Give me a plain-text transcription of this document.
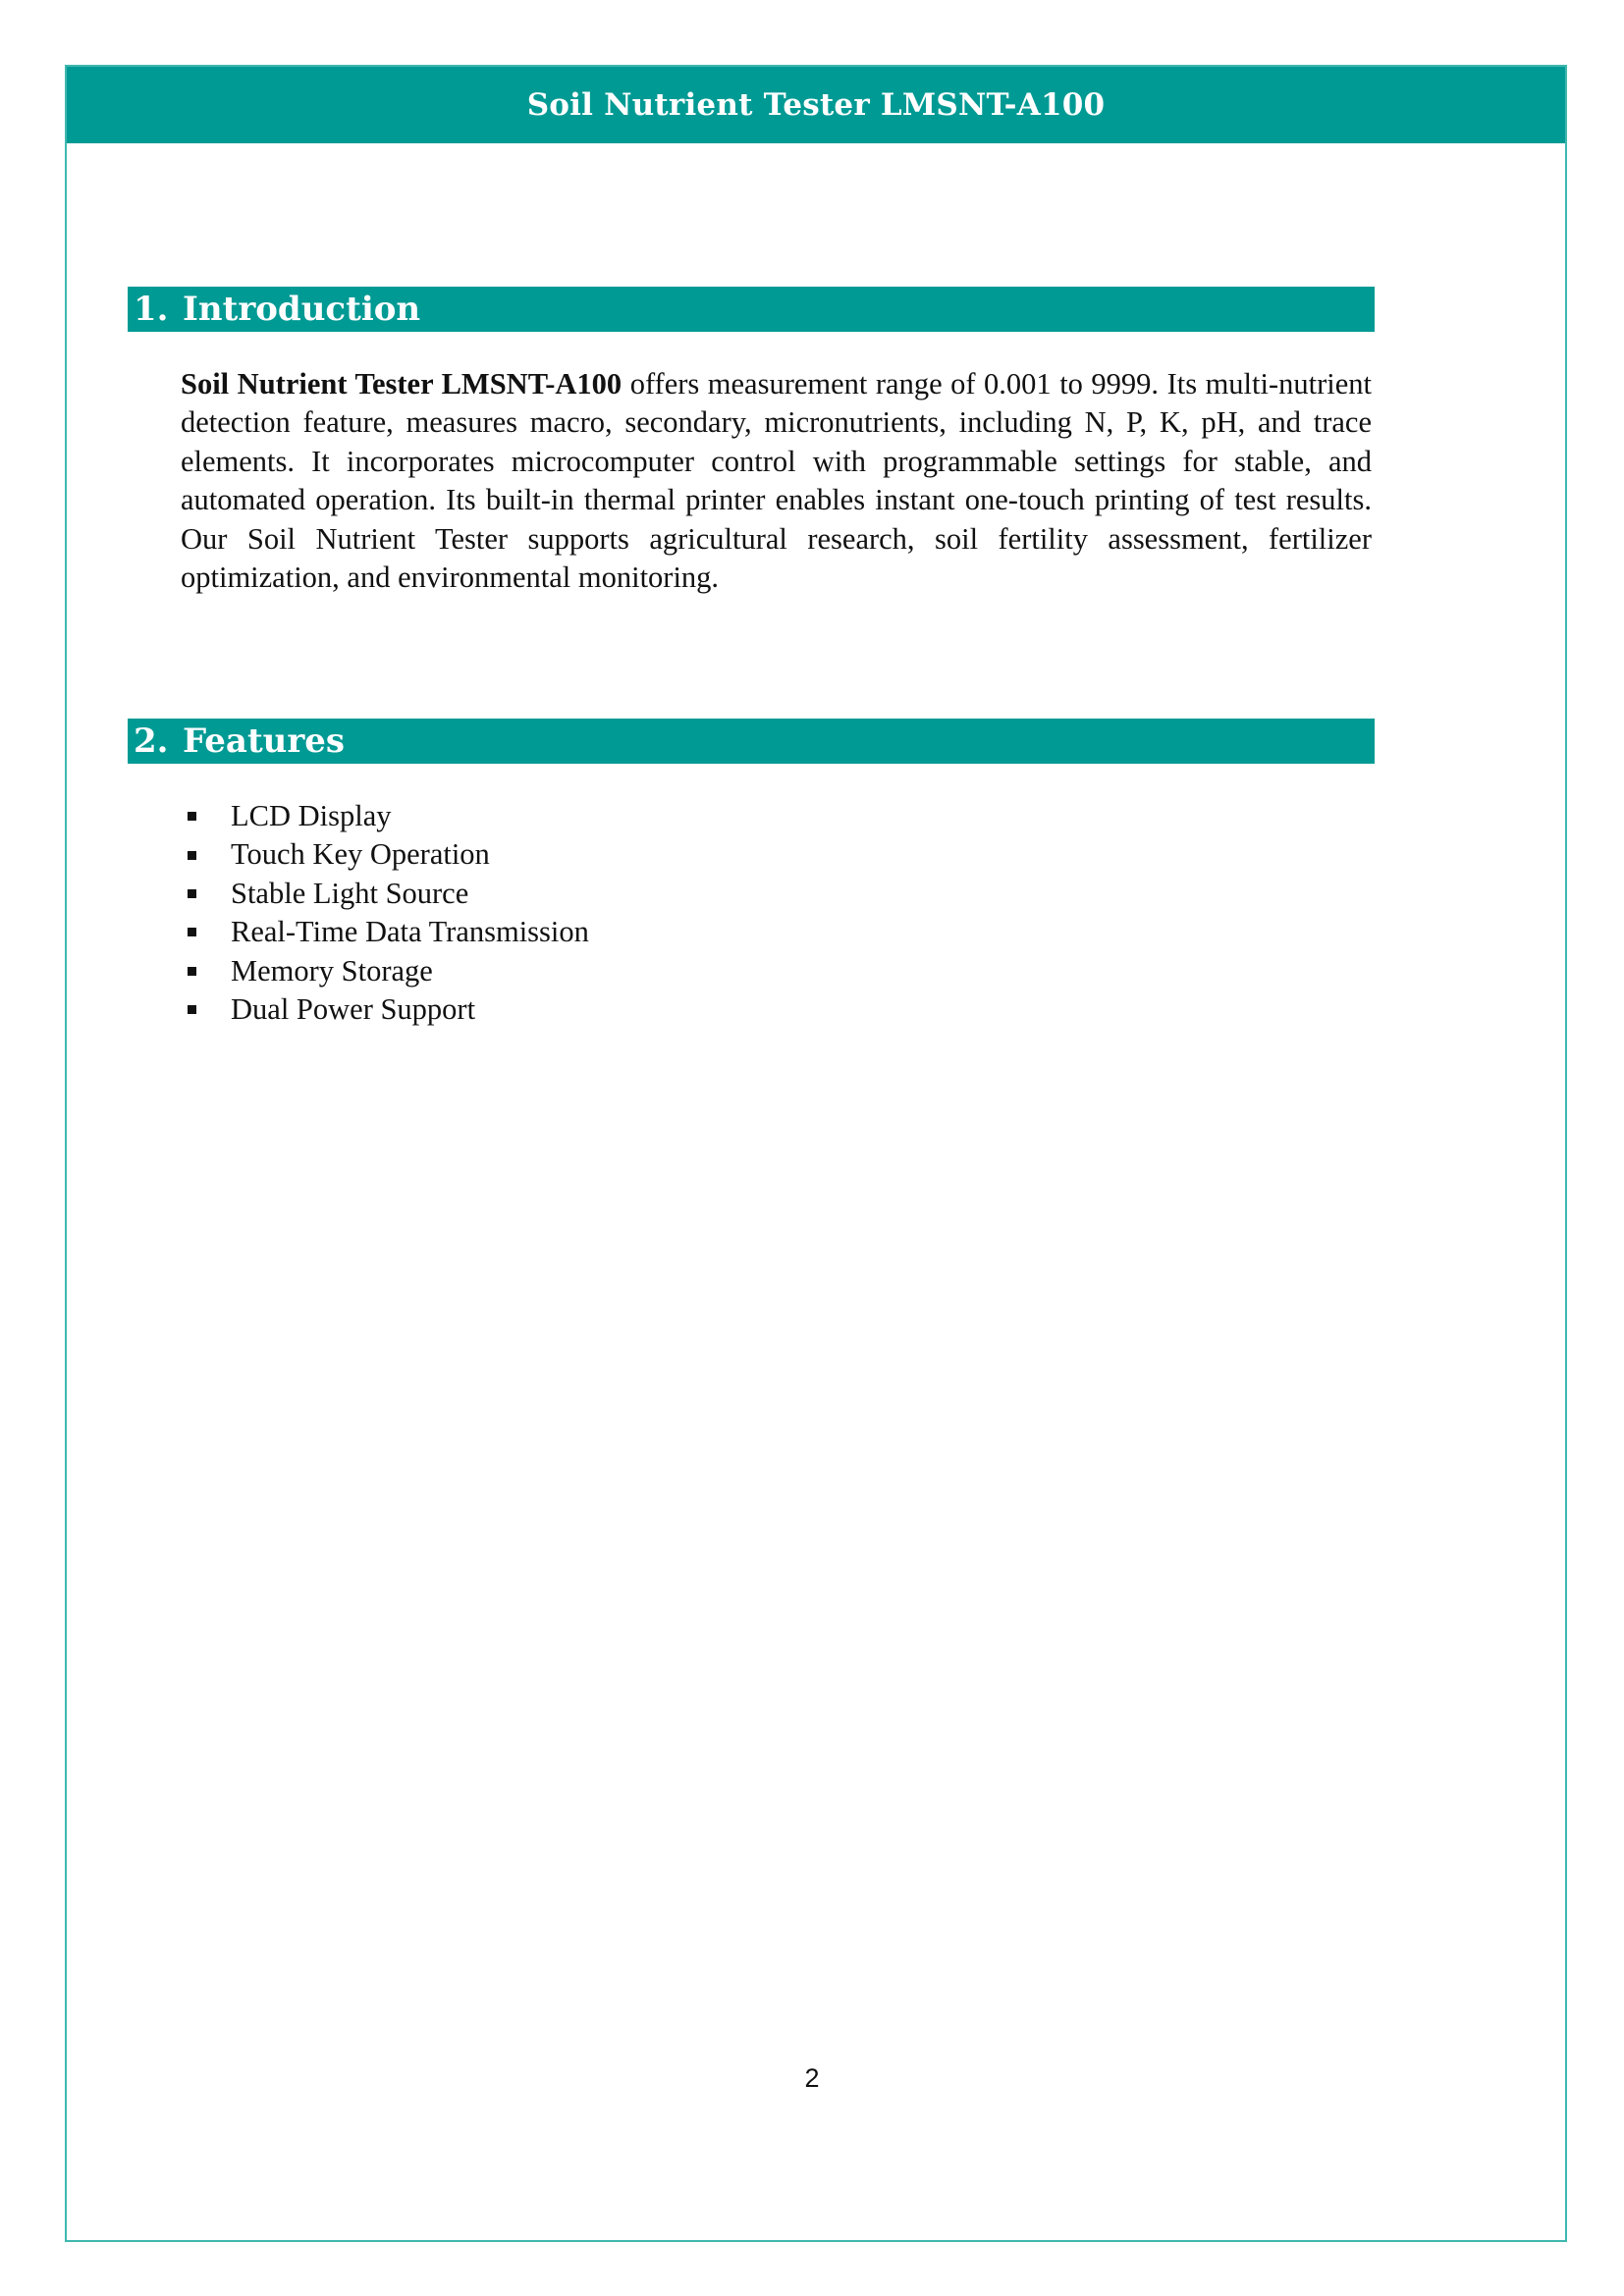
Soil Nutrient Tester LMSNT-A100
1. Introduction

Soil Nutrient Tester LMSNT-A100 offers measurement range of 0.001 to 9999. Its multi-nutrient detection feature, measures macro, secondary, micronutrients, including N, P, K, pH, and trace elements. It incorporates microcomputer control with programmable settings for stable, and automated operation. Its built-in thermal printer enables instant one-touch printing of test results. Our Soil Nutrient Tester supports agricultural research, soil fertility assessment, fertilizer optimization, and environmental monitoring.

2. Features
LCD Display
Touch Key Operation
Stable Light Source
Real-Time Data Transmission
Memory Storage
Dual Power Support
2
